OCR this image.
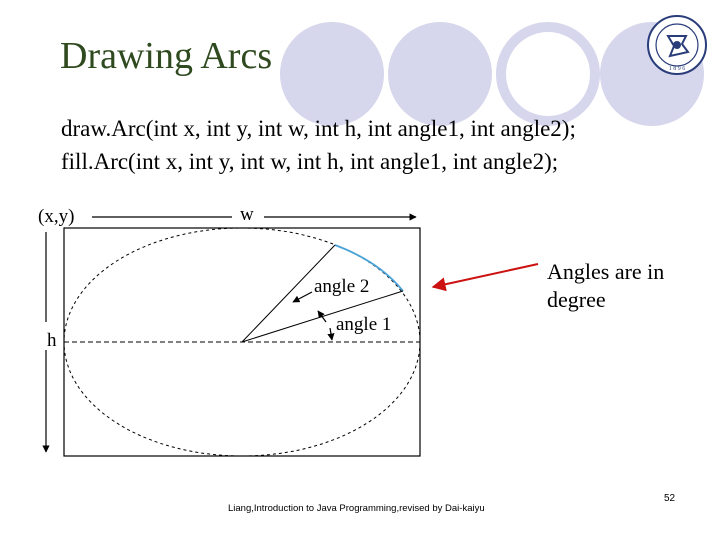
1 8 9 6
Drawing Arcs
draw.Arc(int x, int y, int w, int h, int angle1, int angle2);
fill.Arc(int x, int y, int w, int h, int angle1, int angle2);
(x,y)	w
h
angle 2
angle 1
Angles are in degree
Liang,Introduction to Java Programming,revised by Dai-kaiyu
52
